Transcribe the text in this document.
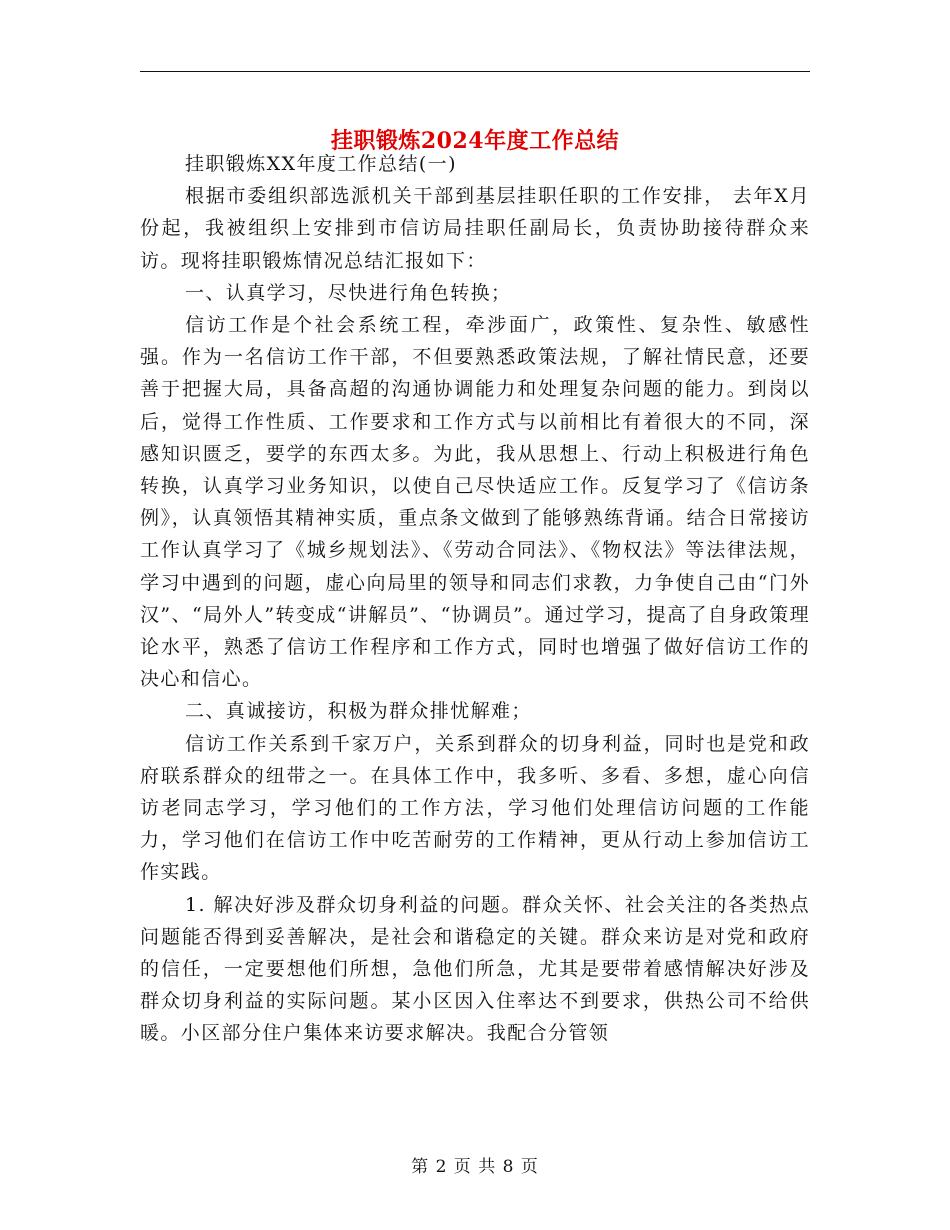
挂职锻炼2024年度工作总结

挂职锻炼XX年度工作总结(一)

根据市委组织部选派机关干部到基层挂职任职的工作安排， 去年X月份起，我被组织上安排到市信访局挂职任副局长，负责协助接待群众来访。现将挂职锻炼情况总结汇报如下：

一、认真学习，尽快进行角色转换；

信访工作是个社会系统工程，牵涉面广，政策性、复杂性、敏感性强。作为一名信访工作干部，不但要熟悉政策法规，了解社情民意，还要善于把握大局，具备高超的沟通协调能力和处理复杂问题的能力。到岗以后，觉得工作性质、工作要求和工作方式与以前相比有着很大的不同，深感知识匮乏，要学的东西太多。为此，我从思想上、行动上积极进行角色转换，认真学习业务知识，以使自己尽快适应工作。反复学习了《信访条例》，认真领悟其精神实质，重点条文做到了能够熟练背诵。结合日常接访工作认真学习了《城乡规划法》、《劳动合同法》、《物权法》等法律法规，学习中遇到的问题，虚心向局里的领导和同志们求教，力争使自己由“门外汉”、“局外人”转变成“讲解员”、“协调员”。通过学习，提高了自身政策理论水平，熟悉了信访工作程序和工作方式，同时也增强了做好信访工作的决心和信心。

二、真诚接访，积极为群众排忧解难；

信访工作关系到千家万户，关系到群众的切身利益，同时也是党和政府联系群众的纽带之一。在具体工作中，我多听、多看、多想，虚心向信访老同志学习，学习他们的工作方法，学习他们处理信访问题的工作能力，学习他们在信访工作中吃苦耐劳的工作精神，更从行动上参加信访工作实践。

1. 解决好涉及群众切身利益的问题。群众关怀、社会关注的各类热点问题能否得到妥善解决，是社会和谐稳定的关键。群众来访是对党和政府的信任，一定要想他们所想，急他们所急，尤其是要带着感情解决好涉及群众切身利益的实际问题。某小区因入住率达不到要求，供热公司不给供暖。小区部分住户集体来访要求解决。我配合分管领

第 2 页 共 8 页
